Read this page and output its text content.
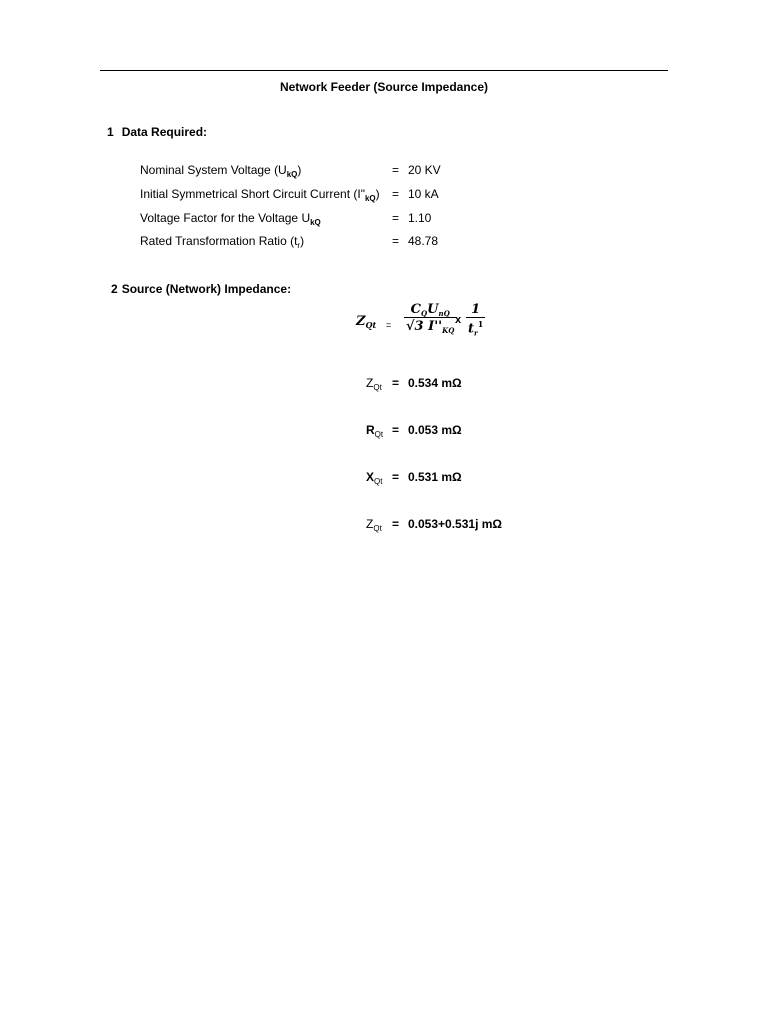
Network Feeder (Source Impedance)
1 Data Required:
Nominal System Voltage $(U_{kQ})$	= 20 KV
Initial Symmetrical Short Circuit Current $(I"_{kQ}) = 10$ kA
Voltage Factor for the Voltage $U_{kQ}$	= 1.10
Rated Transformation Ratio $(t_r)$	= 48.78
2 Source (Network) Impedance:
$Z_{Qt}$ =
$C_QU_{nQ}$
√3 $I''_{KQ}$
x $\frac{1}{t_r^1}$
$Z_{Qt} = 0.534$ mΩ
$R_{Qt} = 0.053$ mΩ
$X_{Qt} = 0.531$ mΩ
$Z_{Qt} = 0.053+0.531j$ mΩ
